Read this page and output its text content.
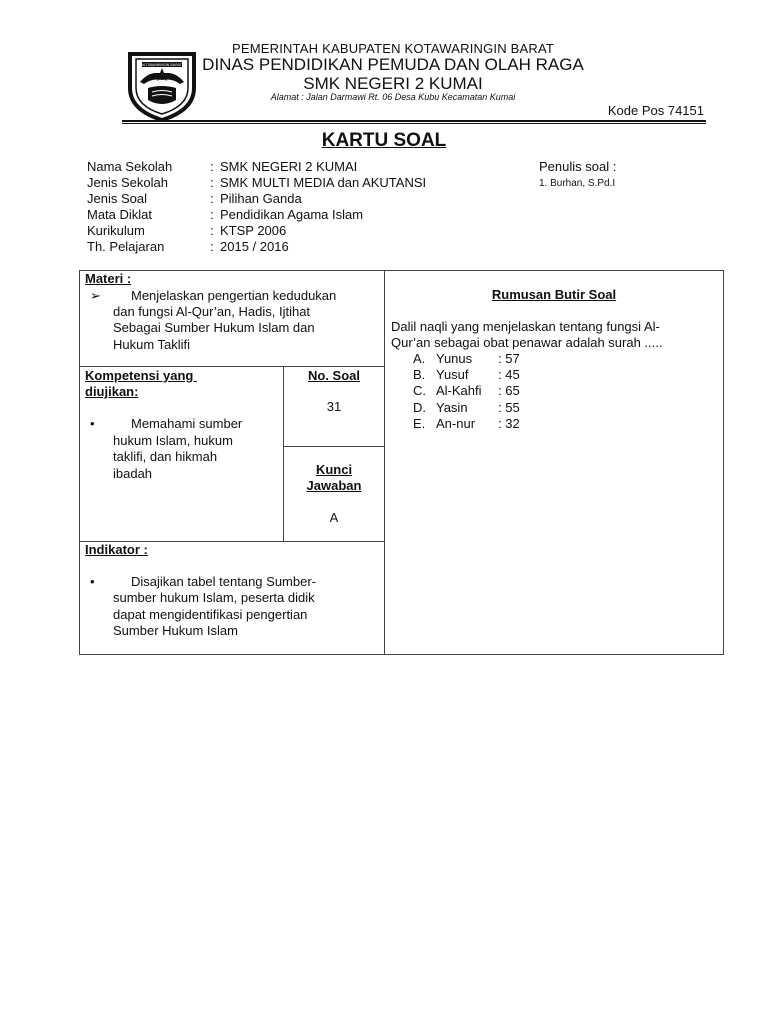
KOTAWARINGIN BARAT
PEMERINTAH KABUPATEN KOTAWARINGIN BARAT
DINAS PENDIDIKAN PEMUDA DAN OLAH RAGA
SMK NEGERI 2 KUMAI
Alamat : Jalan Darmawi Rt. 06 Desa Kubu Kecamatan Kumai
Kode Pos 74151
KARTU SOAL
Nama Sekolah	: SMK NEGERI 2 KUMAI
Jenis Sekolah	: SMK MULTI MEDIA dan AKUTANSI
Jenis Soal	: Pilihan Ganda
Mata Diklat	: Pendidikan Agama Islam
Kurikulum	: KTSP 2006
Th. Pelajaran	: 2015 / 2016
Penulis soal :
1. Burhan, S.Pd.I
Materi :
➢ Menjelaskan pengertian kedudukan
dan fungsi Al-Qur’an, Hadis, Ijtihat
Sebagai Sumber Hukum Islam dan
Hukum Taklifi
Kompetensi yang
diujikan:
•	Memahami sumber
hukum Islam, hukum
taklifi, dan hikmah
ibadah
No. Soal
31
Kunci
Jawaban
A
Indikator :
•	Disajikan tabel tentang Sumber-
sumber hukum Islam, peserta didik
dapat mengidentifikasi pengertian
Sumber Hukum Islam
Rumusan Butir Soal
Dalil naqli yang menjelaskan tentang fungsi Al-
Qur’an sebagai obat penawar adalah surah .....
A. Yunus : 57
B. Yusuf : 45
C. Al-Kahfi : 65
D. Yasin : 55
E. An-nur : 32
